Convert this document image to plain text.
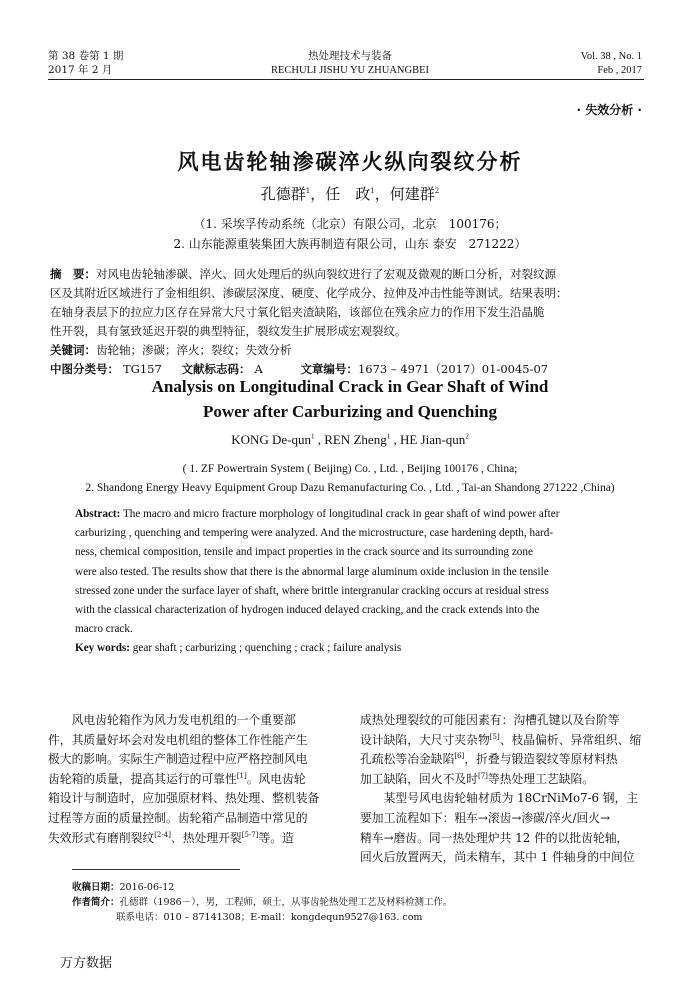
第 38 卷第 1 期
2017 年 2 月
热处理技术与装备
RECHULI JISHU YU ZHUANGBEI
Vol. 38 , No. 1
Feb , 2017
· 失效分析 ·
风电齿轮轴渗碳淬火纵向裂纹分析
孔德群$^1$，任　政$^1$，何建群$^2$
（1. 采埃孚传动系统（北京）有限公司，北京　100176；
2. 山东能源重装集团大族再制造有限公司，山东 泰安　271222）
摘　要：对风电齿轮轴渗碳、淬火、回火处理后的纵向裂纹进行了宏观及微观的断口分析，对裂纹源
区及其附近区域进行了金相组织、渗碳层深度、硬度、化学成分、拉伸及冲击性能等测试。结果表明：
在轴身表层下的拉应力区存在异常大尺寸氧化铝夹渣缺陷，该部位在残余应力的作用下发生沿晶脆
性开裂，具有氢致延迟开裂的典型特征，裂纹发生扩展形成宏观裂纹。
关键词：齿轮轴；渗碳；淬火；裂纹；失效分析
中图分类号： TG157 文献标志码： A	文章编号：1673 – 4971（2017）01-0045-07
Analysis on Longitudinal Crack in Gear Shaft of Wind
Power after Carburizing and Quenching
KONG De-qun$^1$ , REN Zheng$^1$ , HE Jian-qun$^2$
( 1. ZF Powertrain System ( Beijing) Co. , Ltd. , Beijing 100176 , China;
2. Shandong Energy Heavy Equipment Group Dazu Remanufacturing Co. , Ltd. , Tai-an Shandong 271222 ,China)
Abstract: The macro and micro fracture morphology of longitudinal crack in gear shaft of wind power after
carburizing , quenching and tempering were analyzed. And the microstructure, case hardening depth, hard-
ness, chemical composition, tensile and impact properties in the crack source and its surrounding zone
were also tested. The results show that there is the abnormal large aluminum oxide inclusion in the tensile
stressed zone under the surface layer of shaft, where brittle intergranular cracking occurs at residual stress
with the classical characterization of hydrogen induced delayed cracking, and the crack extends into the
macro crack.
Key words: gear shaft ; carburizing ; quenching ; crack ; failure analysis
　　风电齿轮箱作为风力发电机组的一个重要部
件，其质量好坏会对发电机组的整体工作性能产生
极大的影响。实际生产制造过程中应严格控制风电
齿轮箱的质量，提高其运行的可靠性[1]。风电齿轮
箱设计与制造时，应加强原材料、热处理、整机装备
过程等方面的质量控制。齿轮箱产品制造中常见的
失效形式有磨削裂纹[2-4]、热处理开裂[5-7]等。造
成热处理裂纹的可能因素有：沟槽孔键以及台阶等
设计缺陷，大尺寸夹杂物[5]、枝晶偏析、异常组织、缩
孔疏松等冶金缺陷[6]，折叠与锻造裂纹等原材料热
加工缺陷，回火不及时[7]等热处理工艺缺陷。
　　某型号风电齿轮轴材质为 18CrNiMo7-6 钢，主
要加工流程如下：粗车→滚齿→渗碳/淬火/回火→
精车→磨齿。同一热处理炉共 12 件的以批齿轮轴，
回火后放置两天，尚未精车，其中 1 件轴身的中间位
收稿日期：2016-06-12
作者简介：孔德群（1986－），男，工程师，硕士，从事齿轮热处理工艺及材料检测工作。
联系电话：010 – 87141308；E-mail：kongdequn9527@163. com
万方数据
